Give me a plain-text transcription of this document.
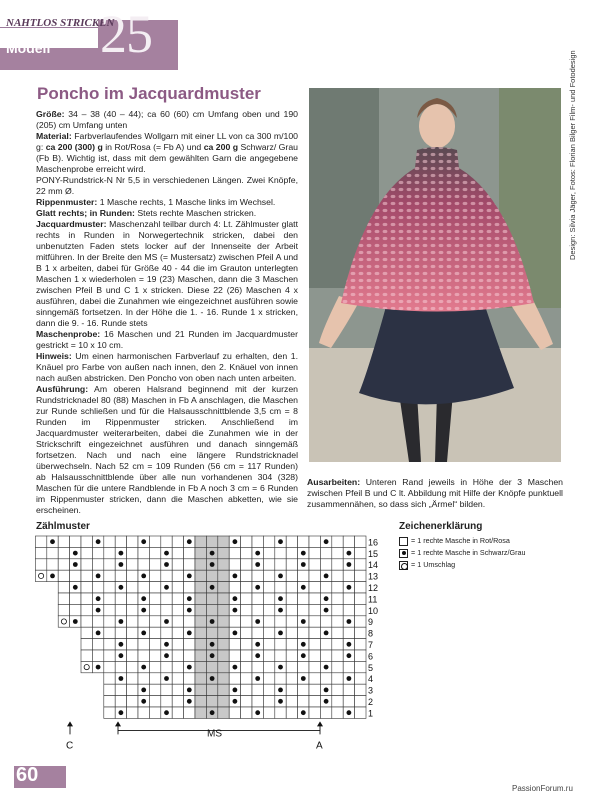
NAHTLOS STRICKEN
Modell 25
Poncho im Jacquardmuster

Größe: 34 – 38 (40 – 44); ca 60 (60) cm Umfang oben und 190 (205) cm Umfang unten

Material: Farbverlaufendes Wollgarn mit einer LL von ca 300 m/100 g: ca 200 (300) g in Rot/Rosa (= Fb A) und ca 200 g Schwarz/ Grau (Fb B). Wichtig ist, dass mit dem gewählten Garn die angegebene Maschenprobe erreicht wird.

PONY-Rundstrick-N Nr 5,5 in verschiedenen Längen. Zwei Knöpfe, 22 mm Ø.

Rippenmuster: 1 Masche rechts, 1 Masche links im Wechsel.

Glatt rechts; in Runden: Stets rechte Maschen stricken.

Jacquardmuster: Maschenzahl teilbar durch 4: Lt. Zählmuster glatt rechts in Runden in Norwegertechnik stricken, dabei den unbenutzten Faden stets locker auf der Innenseite der Arbeit mitführen. In der Breite den MS (= Mustersatz) zwischen Pfeil A und B 1 x arbeiten, dabei für Größe 40 - 44 die im Grauton unterlegten Maschen 1 x wiederholen = 19 (23) Maschen, dann die 3 Maschen zwischen Pfeil B und C 1 x stricken. Diese 22 (26) Maschen 4 x ausführen, dabei die Zunahmen wie eingezeichnet ausführen sowie sinngemäß fortsetzen. In der Höhe die 1. - 16. Runde 1 x stricken, dann die 9. - 16. Runde stets

Maschenprobe: 16 Maschen und 21 Runden im Jacquardmuster gestrickt = 10 x 10 cm.

Hinweis: Um einen harmonischen Farbverlauf zu erhalten, den 1. Knäuel pro Farbe von außen nach innen, den 2. Knäuel von innen nach außen abstricken. Den Poncho von oben nach unten arbeiten.

Ausführung: Am oberen Halsrand beginnend mit der kurzen Rundstricknadel 80 (88) Maschen in Fb A anschlagen, die Maschen zur Runde schließen und für die Halsausschnittblende 3,5 cm = 8 Runden im Rippenmuster stricken. Anschließend im Jacquardmuster weiterarbeiten, dabei die Zunahmen wie in der Strickschrift eingezeichnet ausführen und danach sinngemäß fortsetzen. Nach und nach eine längere Rundstricknadel überwechseln. Nach 52 cm = 109 Runden (56 cm = 117 Runden) ab Halsausschnittblende über alle nun vorhandenen 304 (328) Maschen für die untere Randblende in Fb A noch 3 cm = 6 Runden im Rippenmuster stricken, dann die Maschen abketten, wie sie erscheinen.

Design: Silvia Jäger, Fotos: Florian Bilger Film- und Fotodesign
Ausarbeiten: Unteren Rand jeweils in Höhe der 3 Maschen zwischen Pfeil B und C lt. Abbildung mit Hilfe der Knöpfe punktuell zusammennähen, so dass sich „Ärmel“ bilden.
Zählmuster
16
15
14
13
12
11
10
9
8
7
6
5
4
3
2
1
C
MS
A
Zeichenerklärung
= 1 rechte Masche in Rot/Rosa
= 1 rechte Masche in Schwarz/Grau
= 1 Umschlag
60
PassionForum.ru
